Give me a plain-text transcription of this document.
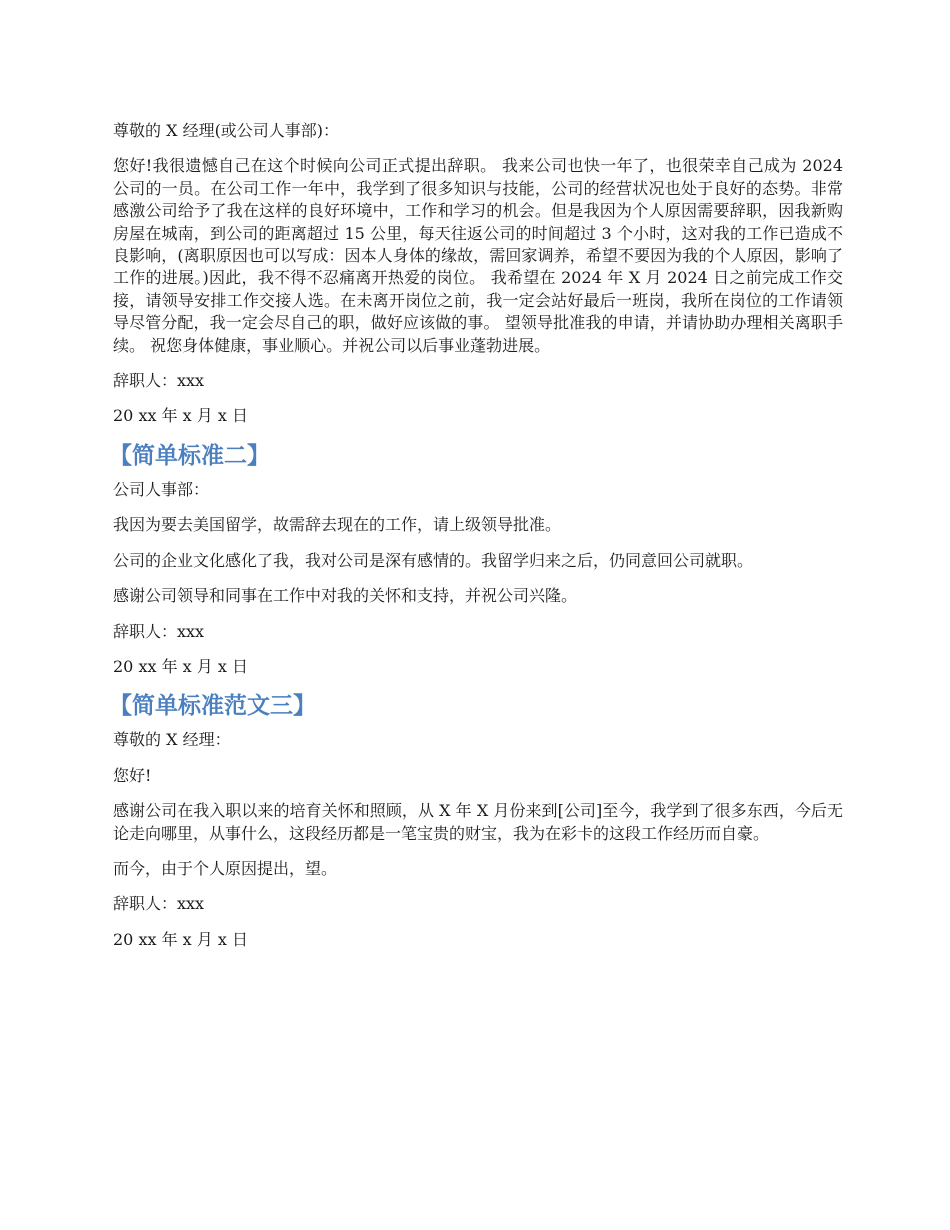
尊敬的 X 经理(或公司人事部)：

您好!我很遗憾自己在这个时候向公司正式提出辞职。 我来公司也快一年了，也很荣幸自己成为 2024 公司的一员。在公司工作一年中，我学到了很多知识与技能，公司的经营状况也处于良好的态势。非常感激公司给予了我在这样的良好环境中，工作和学习的机会。但是我因为个人原因需要辞职，因我新购房屋在城南，到公司的距离超过 15 公里，每天往返公司的时间超过 3 个小时，这对我的工作已造成不良影响，(离职原因也可以写成：因本人身体的缘故，需回家调养，希望不要因为我的个人原因，影响了工作的进展。)因此，我不得不忍痛离开热爱的岗位。 我希望在 2024 年 X 月 2024 日之前完成工作交接，请领导安排工作交接人选。在未离开岗位之前，我一定会站好最后一班岗，我所在岗位的工作请领导尽管分配，我一定会尽自己的职，做好应该做的事。 望领导批准我的申请，并请协助办理相关离职手续。 祝您身体健康，事业顺心。并祝公司以后事业蓬勃进展。

辞职人：xxx

20 xx 年 x 月 x 日

【简单标准二】

公司人事部：

我因为要去美国留学，故需辞去现在的工作，请上级领导批准。

公司的企业文化感化了我，我对公司是深有感情的。我留学归来之后，仍同意回公司就职。

感谢公司领导和同事在工作中对我的关怀和支持，并祝公司兴隆。

辞职人：xxx

20 xx 年 x 月 x 日

【简单标准范文三】

尊敬的 X 经理：

您好!

感谢公司在我入职以来的培育关怀和照顾，从 X 年 X 月份来到[公司]至今，我学到了很多东西，今后无论走向哪里，从事什么，这段经历都是一笔宝贵的财宝，我为在彩卡的这段工作经历而自豪。

而今，由于个人原因提出，望。

辞职人：xxx

20 xx 年 x 月 x 日
